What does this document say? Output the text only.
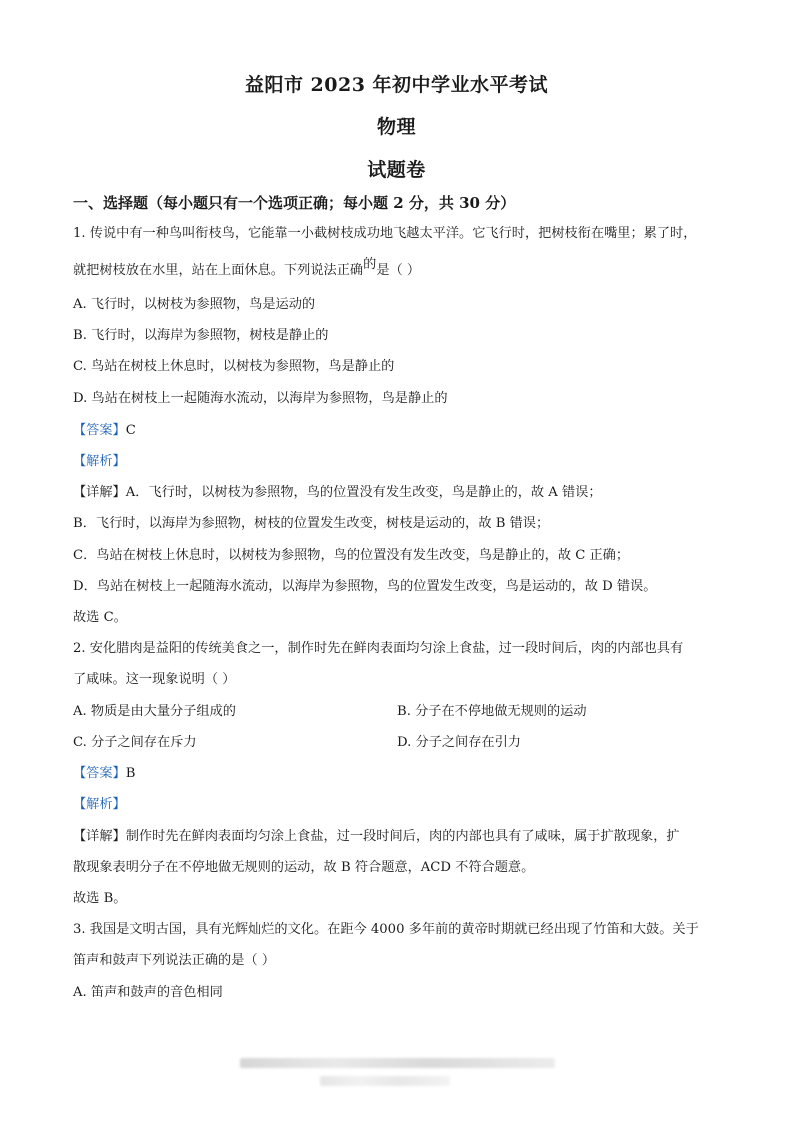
益阳市 2023 年初中学业水平考试
物理
试题卷
一、选择题（每小题只有一个选项正确；每小题 2 分，共 30 分）
1. 传说中有一种鸟叫衔枝鸟，它能靠一小截树枝成功地飞越太平洋。它飞行时，把树枝衔在嘴里；累了时，
就把树枝放在水里，站在上面休息。下列说法正确的是（ ）
A. 飞行时，以树枝为参照物，鸟是运动的
B. 飞行时，以海岸为参照物，树枝是静止的
C. 鸟站在树枝上休息时，以树枝为参照物，鸟是静止的
D. 鸟站在树枝上一起随海水流动，以海岸为参照物，鸟是静止的
【答案】C
【解析】
【详解】A．飞行时，以树枝为参照物，鸟的位置没有发生改变，鸟是静止的，故 A 错误；
B．飞行时，以海岸为参照物，树枝的位置发生改变，树枝是运动的，故 B 错误；
C．鸟站在树枝上休息时，以树枝为参照物，鸟的位置没有发生改变，鸟是静止的，故 C 正确；
D．鸟站在树枝上一起随海水流动，以海岸为参照物，鸟的位置发生改变，鸟是运动的，故 D 错误。
故选 C。
2. 安化腊肉是益阳的传统美食之一，制作时先在鲜肉表面均匀涂上食盐，过一段时间后，肉的内部也具有
了咸味。这一现象说明（ ）
A. 物质是由大量分子组成的	B. 分子在不停地做无规则的运动
C. 分子之间存在斥力	D. 分子之间存在引力
【答案】B
【解析】
【详解】制作时先在鲜肉表面均匀涂上食盐，过一段时间后，肉的内部也具有了咸味，属于扩散现象，扩
散现象表明分子在不停地做无规则的运动，故 B 符合题意，ACD 不符合题意。
故选 B。
3. 我国是文明古国，具有光辉灿烂的文化。在距今 4000 多年前的黄帝时期就已经出现了竹笛和大鼓。关于
笛声和鼓声下列说法正确的是（ ）
A. 笛声和鼓声的音色相同
